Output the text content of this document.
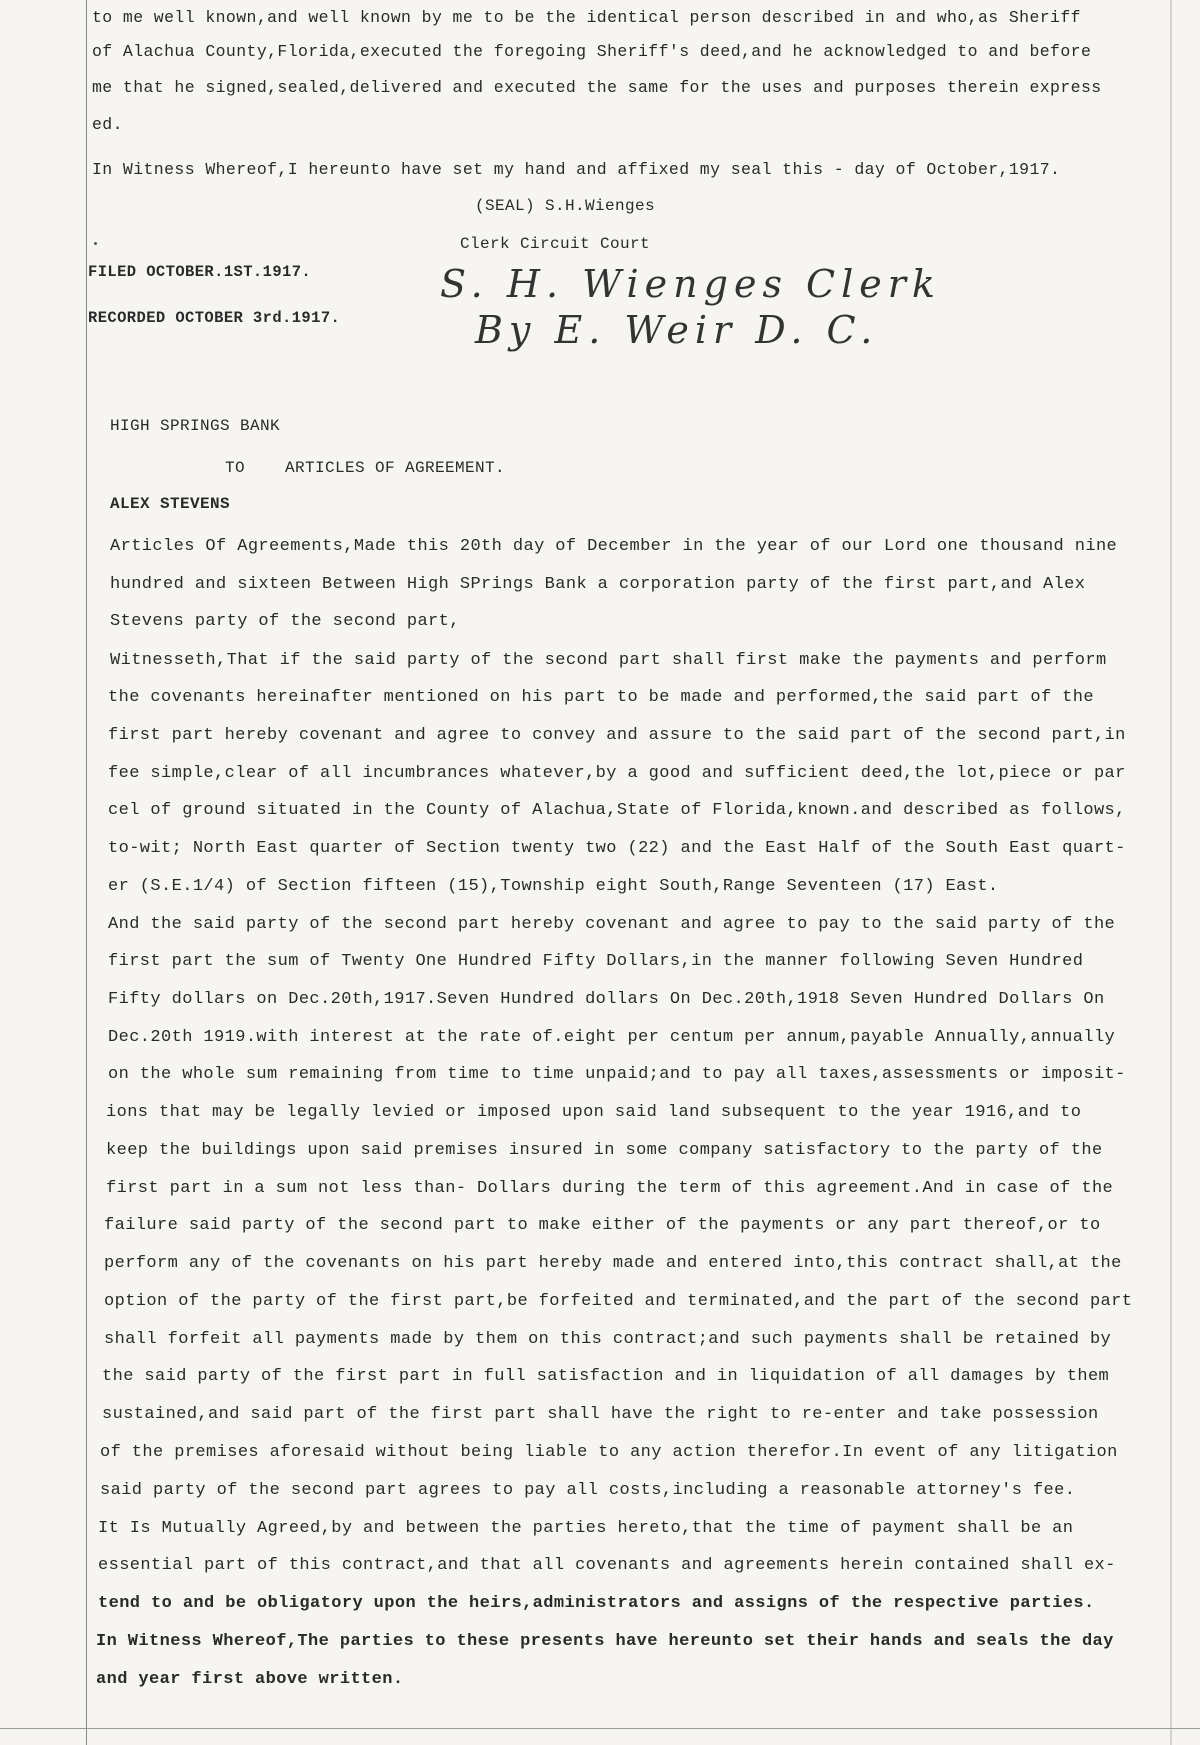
to me well known,and well known by me to be the identical person described in and who,as Sheriff
of Alachua County,Florida,executed the foregoing Sheriff's deed,and he acknowledged to and before
me that he signed,sealed,delivered and executed the same for the uses and purposes therein express
ed.
In Witness Whereof,I hereunto have set my hand and affixed my seal this - day of October,1917.
(SEAL) S.H.Wienges
Clerk Circuit Court
FILED OCTOBER.1ST.1917.
RECORDED OCTOBER 3rd.1917.
S. H. Wienges Clerk
By E. Weir D. C.
HIGH SPRINGS BANK
TO ARTICLES OF AGREEMENT.
ALEX STEVENS
Articles Of Agreements,Made this 20th day of December in the year of our Lord one thousand nine
hundred and sixteen Between High SPrings Bank a corporation party of the first part,and Alex
Stevens party of the second part,
Witnesseth,That if the said party of the second part shall first make the payments and perform
the covenants hereinafter mentioned on his part to be made and performed,the said part of the
first part hereby covenant and agree to convey and assure to the said part of the second part,in
fee simple,clear of all incumbrances whatever,by a good and sufficient deed,the lot,piece or par
cel of ground situated in the County of Alachua,State of Florida,known.and described as follows,
to-wit; North East quarter of Section twenty two (22) and the East Half of the South East quart-
er (S.E.1/4) of Section fifteen (15),Township eight South,Range Seventeen (17) East.
And the said party of the second part hereby covenant and agree to pay to the said party of the
first part the sum of Twenty One Hundred Fifty Dollars,in the manner following Seven Hundred
Fifty dollars on Dec.20th,1917.Seven Hundred dollars On Dec.20th,1918 Seven Hundred Dollars On
Dec.20th 1919.with interest at the rate of.eight per centum per annum,payable Annually,annually
on the whole sum remaining from time to time unpaid;and to pay all taxes,assessments or imposit-
ions that may be legally levied or imposed upon said land subsequent to the year 1916,and to
keep the buildings upon said premises insured in some company satisfactory to the party of the
first part in a sum not less than- Dollars during the term of this agreement.And in case of the
failure said party of the second part to make either of the payments or any part thereof,or to
perform any of the covenants on his part hereby made and entered into,this contract shall,at the
option of the party of the first part,be forfeited and terminated,and the part of the second part
shall forfeit all payments made by them on this contract;and such payments shall be retained by
the said party of the first part in full satisfaction and in liquidation of all damages by them
sustained,and said part of the first part shall have the right to re-enter and take possession
of the premises aforesaid without being liable to any action therefor.In event of any litigation
said party of the second part agrees to pay all costs,including a reasonable attorney's fee.
It Is Mutually Agreed,by and between the parties hereto,that the time of payment shall be an
essential part of this contract,and that all covenants and agreements herein contained shall ex-
tend to and be obligatory upon the heirs,administrators and assigns of the respective parties.
In Witness Whereof,The parties to these presents have hereunto set their hands and seals the day
and year first above written.
